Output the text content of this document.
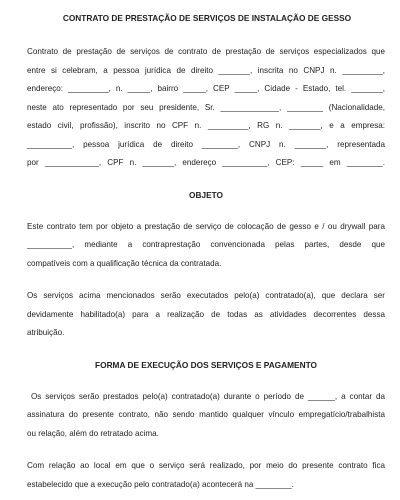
CONTRATO DE PRESTAÇÃO DE SERVIÇOS DE INSTALAÇÃO DE GESSO
Contrato de prestação de serviços de contrato de prestação de serviços especializados que
entre si celebram, a pessoa jurídica de direito _______, inscrita no CNPJ n. _________,
endereço: _________, n. _____, bairro _____, CEP _____, Cidade - Estado, tel. _______,
neste ato representado por seu presidente, Sr. _____________, ________ (Nacionalidade,
estado civil, profissão), inscrito no CPF n. _________, RG n. _______, e a empresa:
__________, pessoa jurídica de direito ________, CNPJ n. _______, representada
por ____________, CPF n. _______, endereço __________, CEP: _____ em ________.
OBJETO
Este contrato tem por objeto a prestação de serviço de colocação de gesso e / ou drywall para
__________, mediante a contraprestação convencionada pelas partes, desde que
compatíveis com a qualificação técnica da contratada.
Os serviços acima mencionados serão executados pelo(a) contratado(a), que declara ser
devidamente habilitado(a) para a realização de todas as atividades decorrentes dessa
atribuição.
FORMA DE EXECUÇÃO DOS SERVIÇOS E PAGAMENTO
Os serviços serão prestados pelo(a) contratado(a) durante o período de ______, a contar da
assinatura do presente contrato, não sendo mantido qualquer vínculo empregatício/trabalhista
ou relação, além do retratado acima.
Com relação ao local em que o serviço será realizado, por meio do presente contrato fica
estabelecido que a execução pelo contratado(a) acontecerá na ________.
